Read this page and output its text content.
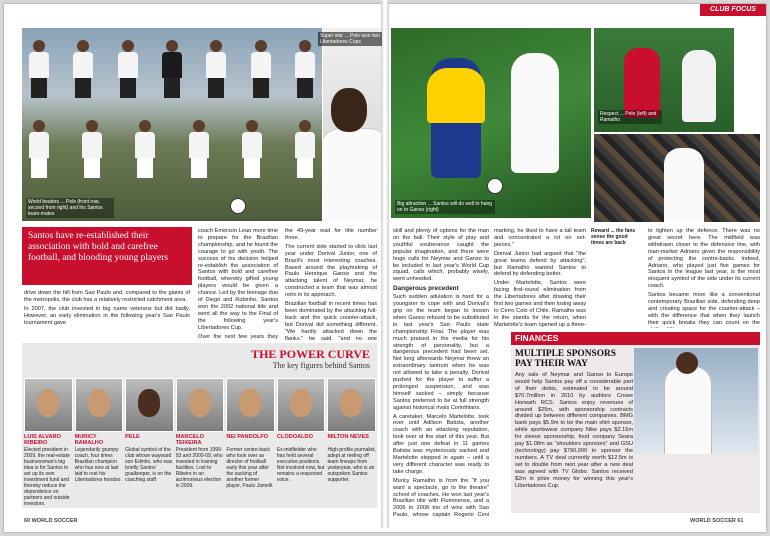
World beaters ... Pele (front row, second from right) and his Santos team-mates
Super star ... Pele won two Libertadores Cups
Santos have re-established their association with bold and carefree football, and blooding young players

drive down the hill from Sao Paulo and, compared to the giants of the metropolis, the club has a relatively restricted catchment area.

In 2007, the club invested in big name veterans but did badly. However, an early elimination in the following year's Sao Paulo tournament gave

coach Emerson Leao more time to prepare for the Brazilian championship, and he found the courage to go with youth. The success of his decision helped re-establish the association of Santos with bold and carefree football, whereby gifted young players would be given a chance. Led by the teenage duo of Diego and Robinho, Santos won the 2002 national title and went all the way to the Final of the following year's Libertadores Cup.

Over the next few years they

the 49-year wait for title number three.

The current side started to click last year under Dorival Junior, one of Brazil's most interesting coaches. Based around the playmaking of Paulo Henrique Ganso and the attacking talent of Neymar, he constructed a team that was almost retro in its approach.

Brazilian football in recent times has been dominated by the attacking full-back and the quick counter-attack, but Dorival did something different. "We hardly attacked down the flanks," he said, "and no one

THE POWER CURVE
The key figures behind Santos
LUIS ALVARO RIBEIRO
Elected president in 2009, the real-estate businessman's big idea is for Santos to set up its own investment fund and thereby reduce the dependence on partners and outside investors.
MURICY RAMALHO
Legendarily grumpy coach, four times Brazilian champion who has now at last laid to rest his Libertadores hoodoo.
PELE
Global symbol of the club whose wayward son Edinho, who was briefly Santos' goalkeeper, is on the coaching staff.
MARCELO TEIXEIRA
President from 1999-93 and 2000-09, who invested in training facilities. Lost to Ribeiro in an acrimonious election in 2009.
NEI PANDOLFO
Former centre-back who took over as director of football early this year after the sacking of another former player, Paulo Jamelli.
CLODOALDO
Ex-midfielder who has held several executive positions. Not involved now, but remains a respected voice.
MILTON NEVES
High-profile journalist, adept at reeling off team lineups from yesteryear, who is an outspoken Santos supporter.
60 WORLD SOCCER
CLUB FOCUS
Big attraction ... Santos will do well to hang on to Ganso (right)
Respect ... Pele (left) and Ramalho

skill and plenty of options for the man on the ball. Their style of play and youthful exuberance caught the popular imagination, and there were huge calls for Neymar and Ganso to be included in last year's World Cup squad, calls which, probably wisely, went unheeded.

Dangerous precedent

Such sudden adulation is hard for a youngster to cope with and Dorival's grip on the team began to loosen when Ganso refused to be substituted in last year's Sao Paulo state championship Final. The player was much praised in the media for his strength of personality, but a dangerous precedent had been set. Not long afterwards Neymar threw an extraordinary tantrum when he was not allowed to take a penalty. Dorival pushed for the player to suffer a prolonged suspension, and was himself sacked – simply because Santos preferred to be at full strength against historical rivals Corinthians.

A caretaker, Marcelo Martelotte, took over until Adilson Batista, another coach with an attacking reputation, took over at the start of this year. But after just one defeat in 11 games Batista was mysteriously sacked and Martelotte stepped in again – until a very different character was ready to take charge.

Muricy Ramalho is from the "if you want a spectacle, go to the theatre" school of coaches. He won last year's Brazilian title with Fluminense, and a 2006 to 2008 trio of wins with Sao Paulo, whose captain Rogerio Ceni

marking, he liked to have a tall team and concentrated a lot on set-pieces."

Dorival Junior had argued that "the great teams defend by attacking", but Ramalho wanted Santos to defend by defending better.

Under Martelotte, Santos were facing first-round elimination from the Libertadores after drawing their first two games and then losing away to Cerro Colo of Chile. Ramalho was in the stands for the return, when Martelotte's team opened up a three-

Reward ... the fans sense the good times are back

to tighten up the defence. There was no great secret here. The midfield was withdrawn closer to the defensive line, with man-marker Adriano given the responsibility of protecting the centre-backs. Indeed, Adriano, who played just five games for Santos in the league last year, is the most eloquent symbol of the side under its current coach.

Santos became more like a conventional contemporary Brazilian side, defending deep and creating space for the counter-attack – with the difference that when they launch their quick breaks they can count on the

FINANCES
MULTIPLE SPONSORS PAY THEIR WAY

Any sale of Neymar and Ganso to Europe would help Santos pay off a considerable part of their debts, estimated to be around $70.7million in 2010 by auditors Crowe Horwath RCS. Santos enjoy revenues of around $25m, with sponsorship contracts divided up between different companies. BMG bank pays $5.9m to be the main shirt sponsor, while sportswear company Nike pays $2.16m for sleeve sponsorship, food company Seara pay $1.08m as "shoulders sponsors" and GSU (technology) pay $790,000 to sponsor the numbers. A TV deal currently worth $12.5m is set to double from next year after a new deal was agreed with TV Globo. Santos received $2m in prize money for winning this year's Libertadores Cup.

WORLD SOCCER 61
